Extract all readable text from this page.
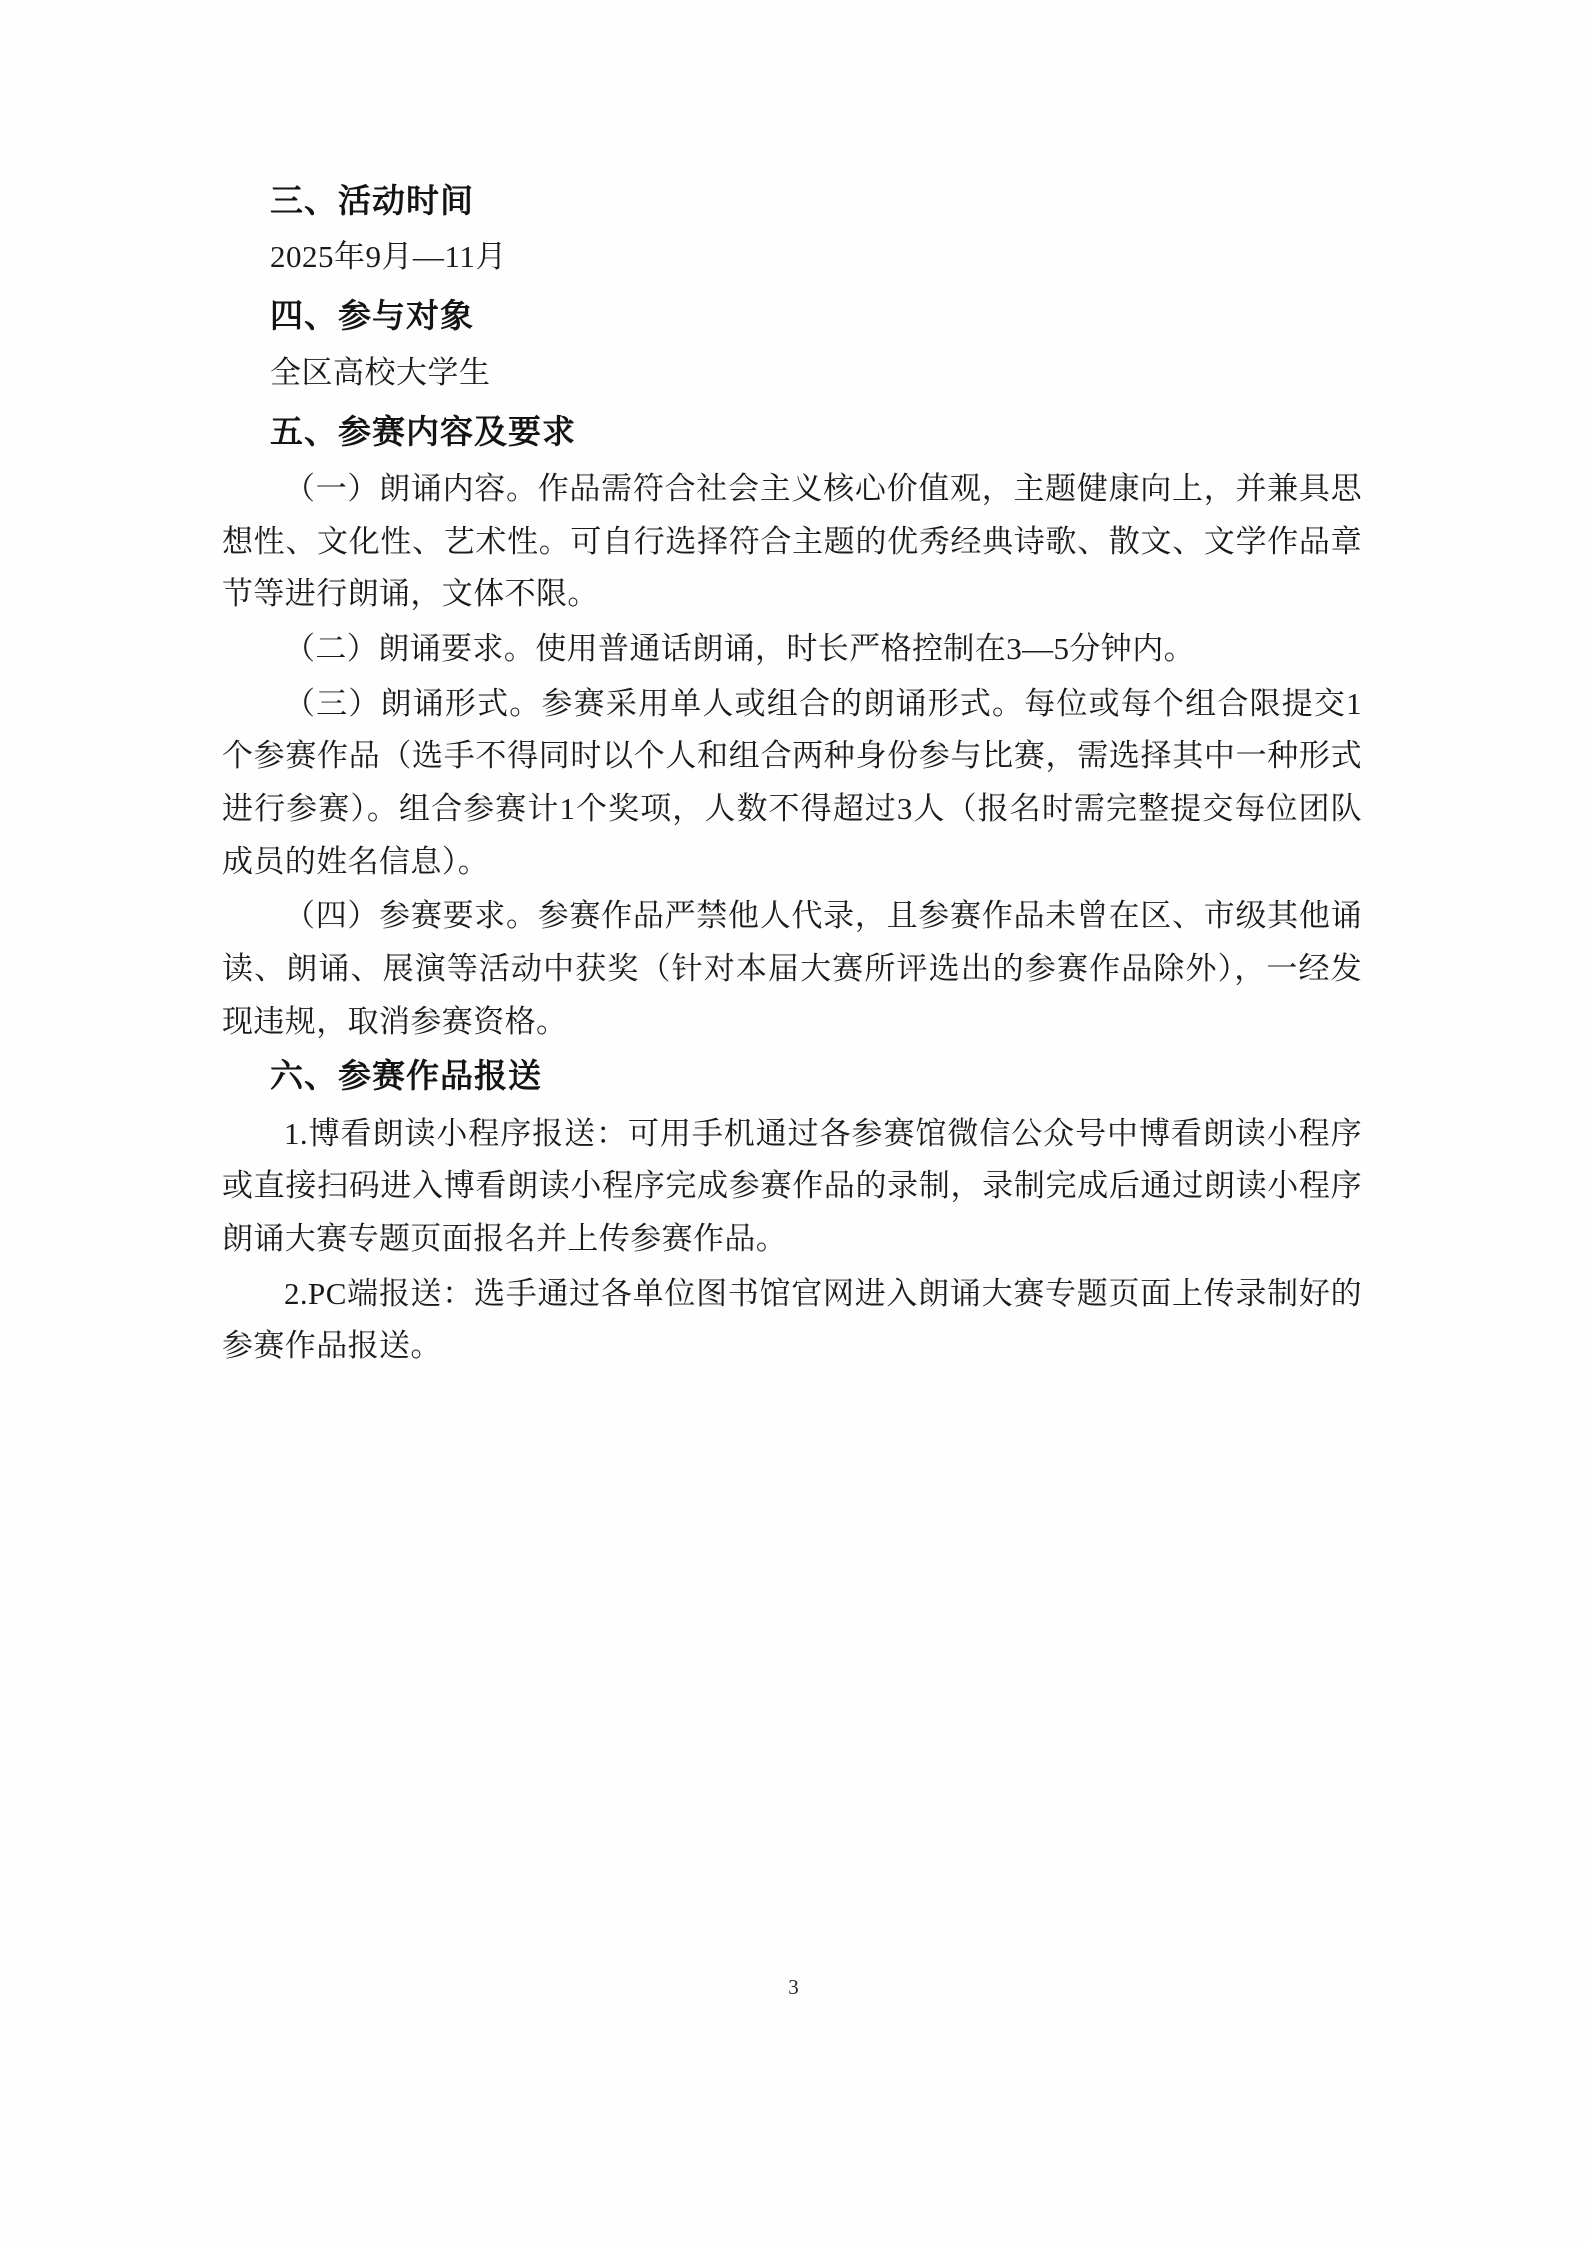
三、活动时间

2025年9月—11月

四、参与对象

全区高校大学生

五、参赛内容及要求

（一）朗诵内容。作品需符合社会主义核心价值观，主题健康向上，并兼具思想性、文化性、艺术性。可自行选择符合主题的优秀经典诗歌、散文、文学作品章节等进行朗诵，文体不限。

（二）朗诵要求。使用普通话朗诵，时长严格控制在3—5分钟内。

（三）朗诵形式。参赛采用单人或组合的朗诵形式。每位或每个组合限提交1个参赛作品（选手不得同时以个人和组合两种身份参与比赛，需选择其中一种形式进行参赛）。组合参赛计1个奖项，人数不得超过3人（报名时需完整提交每位团队成员的姓名信息）。

（四）参赛要求。参赛作品严禁他人代录，且参赛作品未曾在区、市级其他诵读、朗诵、展演等活动中获奖（针对本届大赛所评选出的参赛作品除外），一经发现违规，取消参赛资格。

六、参赛作品报送

1.博看朗读小程序报送：可用手机通过各参赛馆微信公众号中博看朗读小程序或直接扫码进入博看朗读小程序完成参赛作品的录制，录制完成后通过朗读小程序朗诵大赛专题页面报名并上传参赛作品。

2.PC端报送：选手通过各单位图书馆官网进入朗诵大赛专题页面上传录制好的参赛作品报送。

3
